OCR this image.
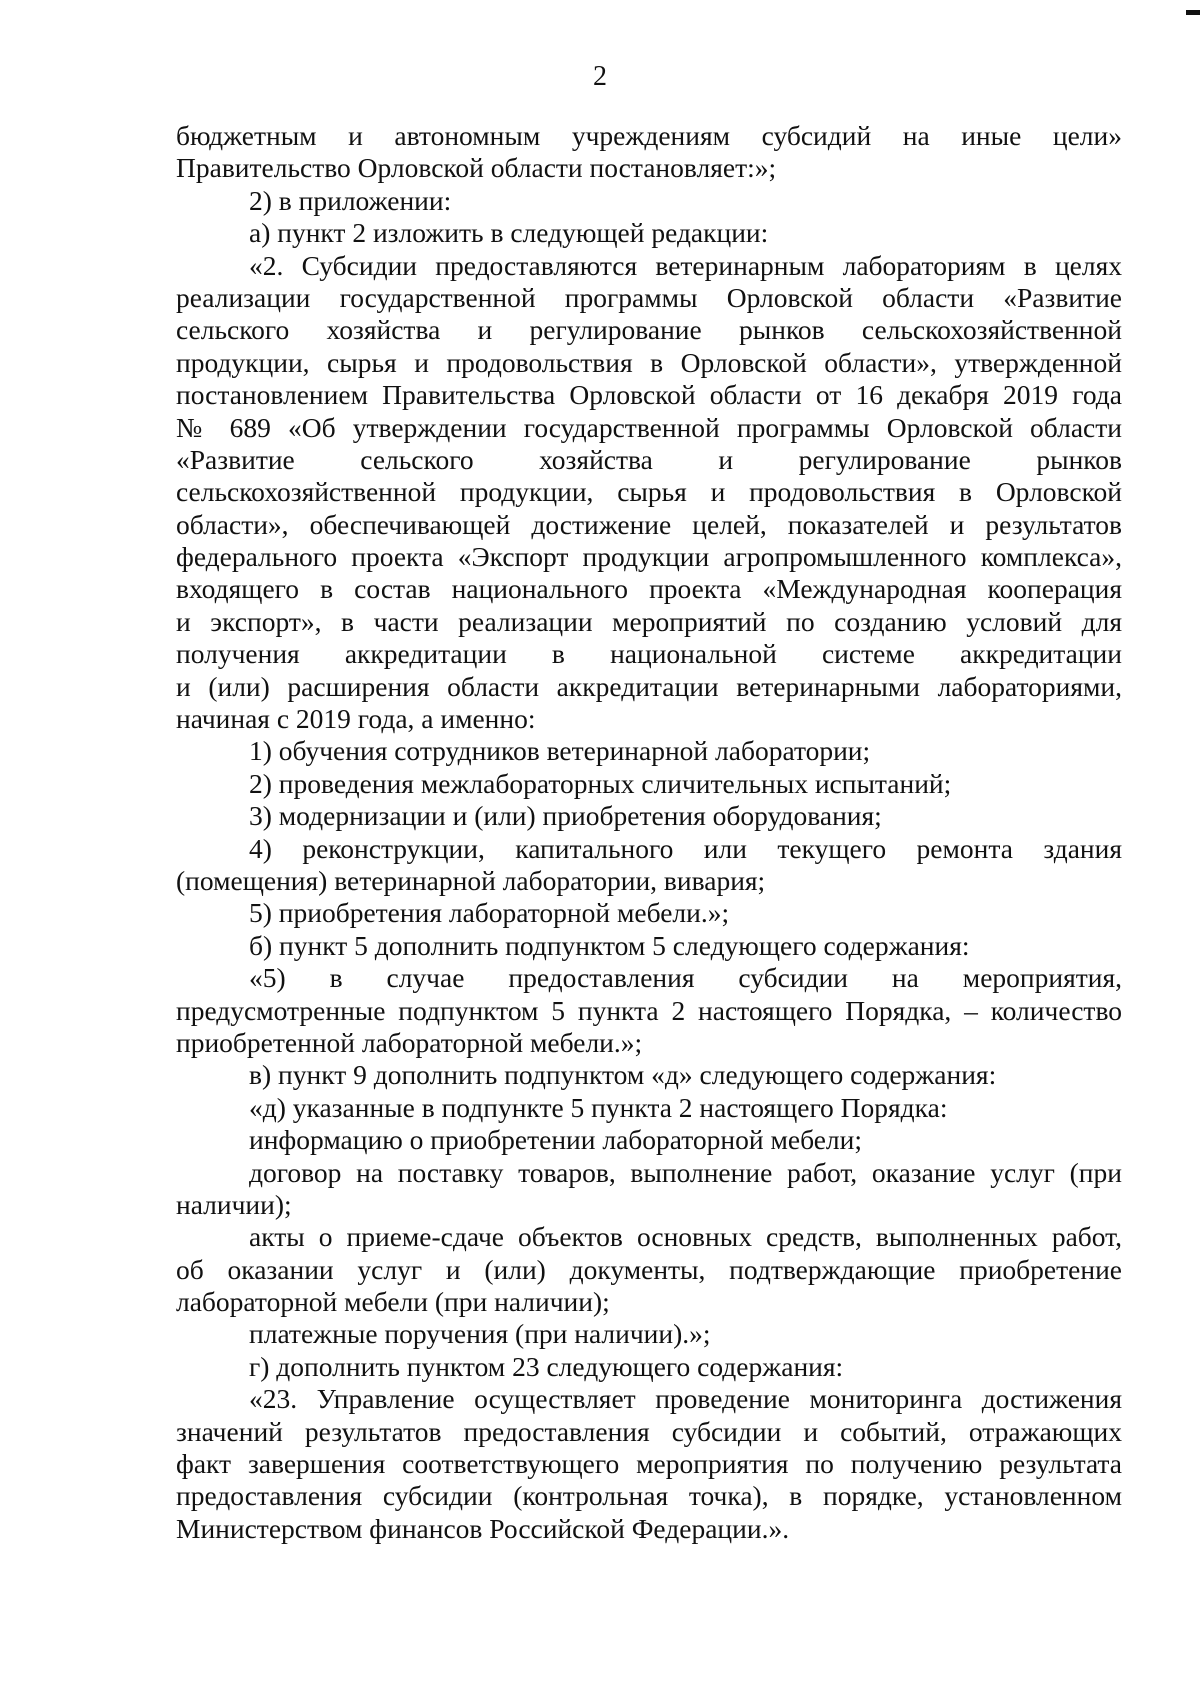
2
бюджетным и автономным учреждениям субсидий на иные цели»
Правительство Орловской области постановляет:»;
2) в приложении:
а) пункт 2 изложить в следующей редакции:
«2. Субсидии предоставляются ветеринарным лабораториям в целях
реализации государственной программы Орловской области «Развитие
сельского хозяйства и регулирование рынков сельскохозяйственной
продукции, сырья и продовольствия в Орловской области», утвержденной
постановлением Правительства Орловской области от 16 декабря 2019 года
№ 689 «Об утверждении государственной программы Орловской области
«Развитие сельского хозяйства и регулирование рынков
сельскохозяйственной продукции, сырья и продовольствия в Орловской
области», обеспечивающей достижение целей, показателей и результатов
федерального проекта «Экспорт продукции агропромышленного комплекса»,
входящего в состав национального проекта «Международная кооперация
и экспорт», в части реализации мероприятий по созданию условий для
получения аккредитации в национальной системе аккредитации
и (или) расширения области аккредитации ветеринарными лабораториями,
начиная с 2019 года, а именно:
1) обучения сотрудников ветеринарной лаборатории;
2) проведения межлабораторных сличительных испытаний;
3) модернизации и (или) приобретения оборудования;
4) реконструкции, капитального или текущего ремонта здания
(помещения) ветеринарной лаборатории, вивария;
5) приобретения лабораторной мебели.»;
б) пункт 5 дополнить подпунктом 5 следующего содержания:
«5) в случае предоставления субсидии на мероприятия,
предусмотренные подпунктом 5 пункта 2 настоящего Порядка, – количество
приобретенной лабораторной мебели.»;
в) пункт 9 дополнить подпунктом «д» следующего содержания:
«д) указанные в подпункте 5 пункта 2 настоящего Порядка:
информацию о приобретении лабораторной мебели;
договор на поставку товаров, выполнение работ, оказание услуг (при
наличии);
акты о приеме-сдаче объектов основных средств, выполненных работ,
об оказании услуг и (или) документы, подтверждающие приобретение
лабораторной мебели (при наличии);
платежные поручения (при наличии).»;
г) дополнить пунктом 23 следующего содержания:
«23. Управление осуществляет проведение мониторинга достижения
значений результатов предоставления субсидии и событий, отражающих
факт завершения соответствующего мероприятия по получению результата
предоставления субсидии (контрольная точка), в порядке, установленном
Министерством финансов Российской Федерации.».
